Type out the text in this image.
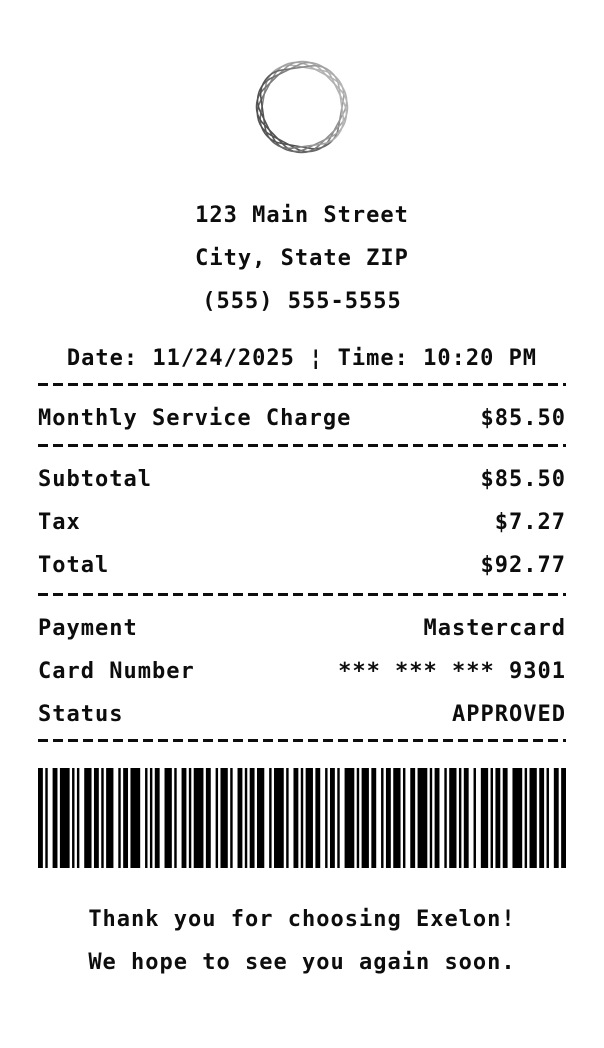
123 Main Street
City, State ZIP
(555) 555-5555
Date: 11/24/2025 ¦ Time: 10:20 PM
Monthly Service Charge	$85.50
Subtotal	$85.50
Tax	$7.27
Total	$92.77
Payment	Mastercard
Card Number	*** *** *** 9301
Status	APPROVED
Thank you for choosing Exelon!
We hope to see you again soon.
